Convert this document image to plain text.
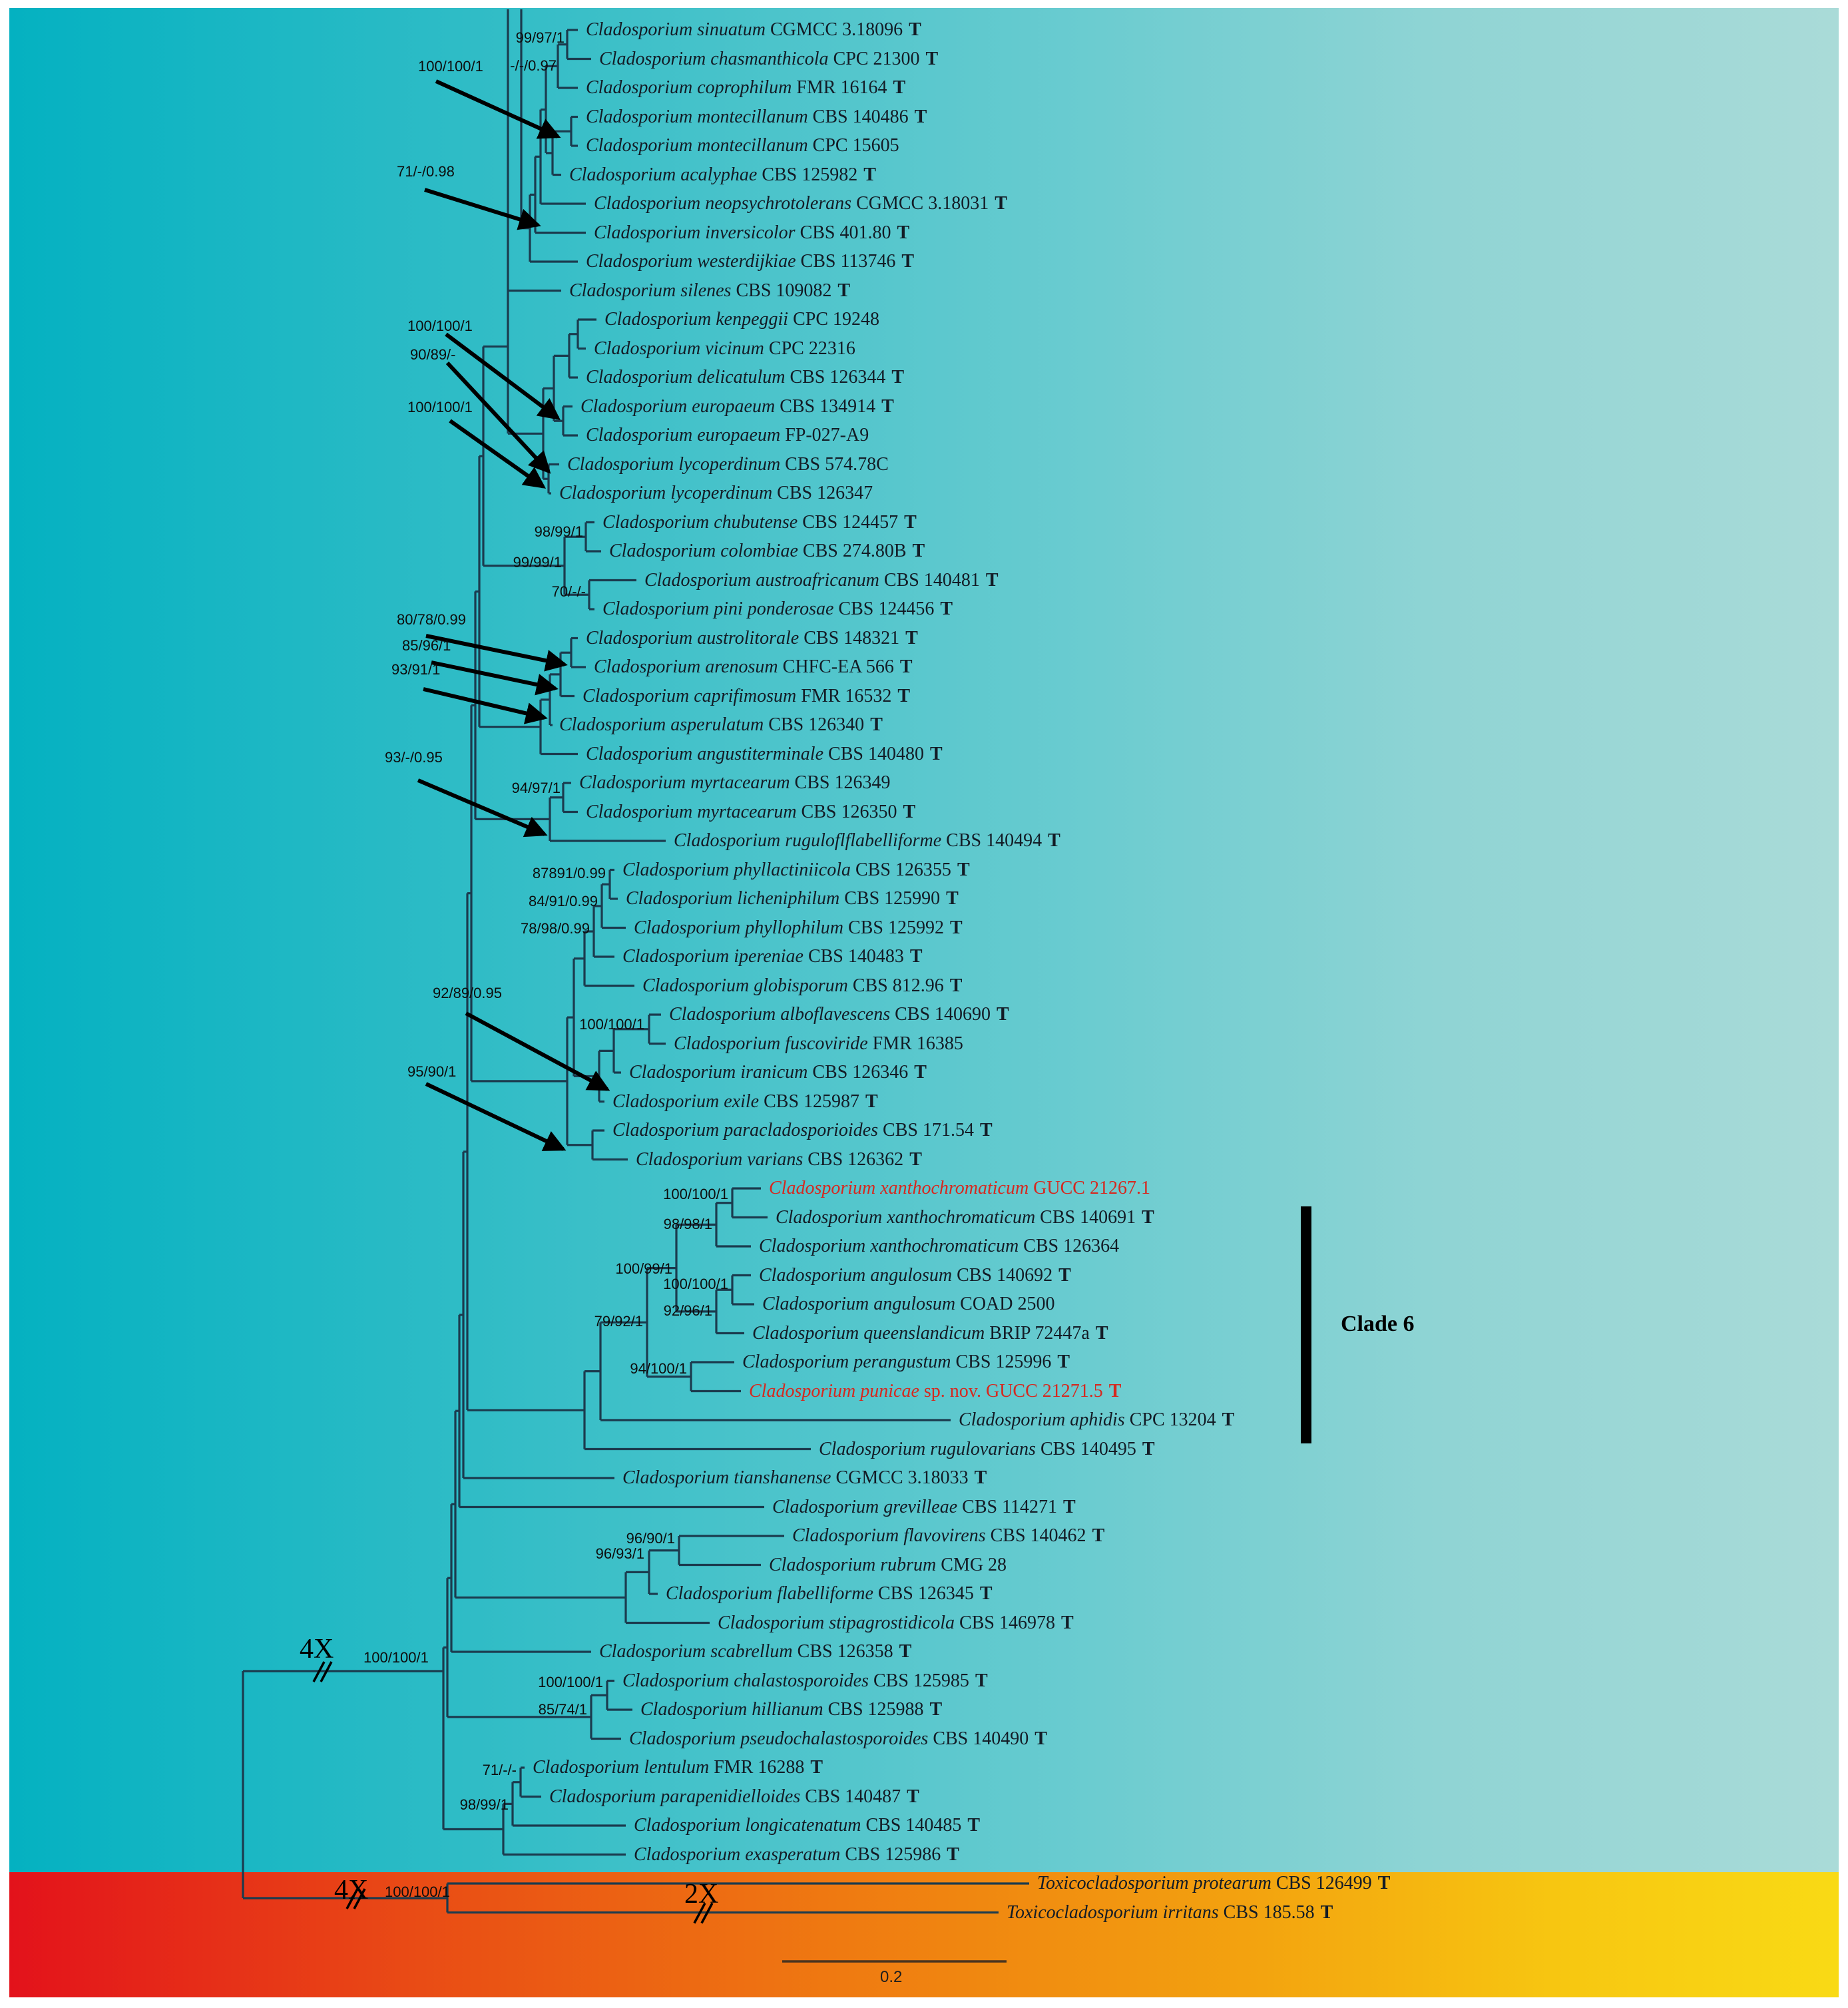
Clade 6
0.2
Cladosporium sinuatum CGMCC 3.18096 T
Cladosporium chasmanthicola CPC 21300 T
Cladosporium coprophilum FMR 16164 T
Cladosporium montecillanum CBS 140486 T
Cladosporium montecillanum CPC 15605
Cladosporium acalyphae CBS 125982 T
Cladosporium neopsychrotolerans CGMCC 3.18031 T
Cladosporium inversicolor CBS 401.80 T
Cladosporium westerdijkiae CBS 113746 T
Cladosporium silenes CBS 109082 T
Cladosporium kenpeggii CPC 19248
Cladosporium vicinum CPC 22316
Cladosporium delicatulum CBS 126344 T
Cladosporium europaeum CBS 134914 T
Cladosporium europaeum FP-027-A9
Cladosporium lycoperdinum CBS 574.78C
Cladosporium lycoperdinum CBS 126347
Cladosporium chubutense CBS 124457 T
Cladosporium colombiae CBS 274.80B T
Cladosporium austroafricanum CBS 140481 T
Cladosporium pini ponderosae CBS 124456 T
Cladosporium austrolitorale CBS 148321 T
Cladosporium arenosum CHFC-EA 566 T
Cladosporium caprifimosum FMR 16532 T
Cladosporium asperulatum CBS 126340 T
Cladosporium angustiterminale CBS 140480 T
Cladosporium myrtacearum CBS 126349
Cladosporium myrtacearum CBS 126350 T
Cladosporium ruguloflflabelliforme CBS 140494 T
Cladosporium phyllactiniicola CBS 126355 T
Cladosporium licheniphilum CBS 125990 T
Cladosporium phyllophilum CBS 125992 T
Cladosporium ipereniae CBS 140483 T
Cladosporium globisporum CBS 812.96 T
Cladosporium alboflavescens CBS 140690 T
Cladosporium fuscoviride FMR 16385
Cladosporium iranicum CBS 126346 T
Cladosporium exile CBS 125987 T
Cladosporium paracladosporioides CBS 171.54 T
Cladosporium varians CBS 126362 T
Cladosporium xanthochromaticum GUCC 21267.1
Cladosporium xanthochromaticum CBS 140691 T
Cladosporium xanthochromaticum CBS 126364
Cladosporium angulosum CBS 140692 T
Cladosporium angulosum COAD 2500
Cladosporium queenslandicum BRIP 72447a T
Cladosporium perangustum CBS 125996 T
Cladosporium punicae sp. nov. GUCC 21271.5 T
Cladosporium aphidis CPC 13204 T
Cladosporium rugulovarians CBS 140495 T
Cladosporium tianshanense CGMCC 3.18033 T
Cladosporium grevilleae CBS 114271 T
Cladosporium flavovirens CBS 140462 T
Cladosporium rubrum CMG 28
Cladosporium flabelliforme CBS 126345 T
Cladosporium stipagrostidicola CBS 146978 T
Cladosporium scabrellum CBS 126358 T
Cladosporium chalastosporoides CBS 125985 T
Cladosporium hillianum CBS 125988 T
Cladosporium pseudochalastosporoides CBS 140490 T
Cladosporium lentulum FMR 16288 T
Cladosporium parapenidielloides CBS 140487 T
Cladosporium longicatenatum CBS 140485 T
Cladosporium exasperatum CBS 125986 T
Toxicocladosporium protearum CBS 126499 T
Toxicocladosporium irritans CBS 185.58 T
99/97/1
-/-/0.97
100/100/1
71/-/0.98
100/100/1
90/89/-
100/100/1
98/99/1
99/99/1
70/-/-
80/78/0.99
85/96/1
93/91/1
93/-/0.95
94/97/1
87891/0.99
84/91/0.99
78/98/0.99
92/89/0.95
100/100/1
95/90/1
100/100/1
98/98/1
100/99/1
100/100/1
92/96/1
79/92/1
94/100/1
96/90/1
96/93/1
100/100/1
85/74/1
71/-/-
98/99/1
100/100/1
100/100/1
4X
4X	2X
